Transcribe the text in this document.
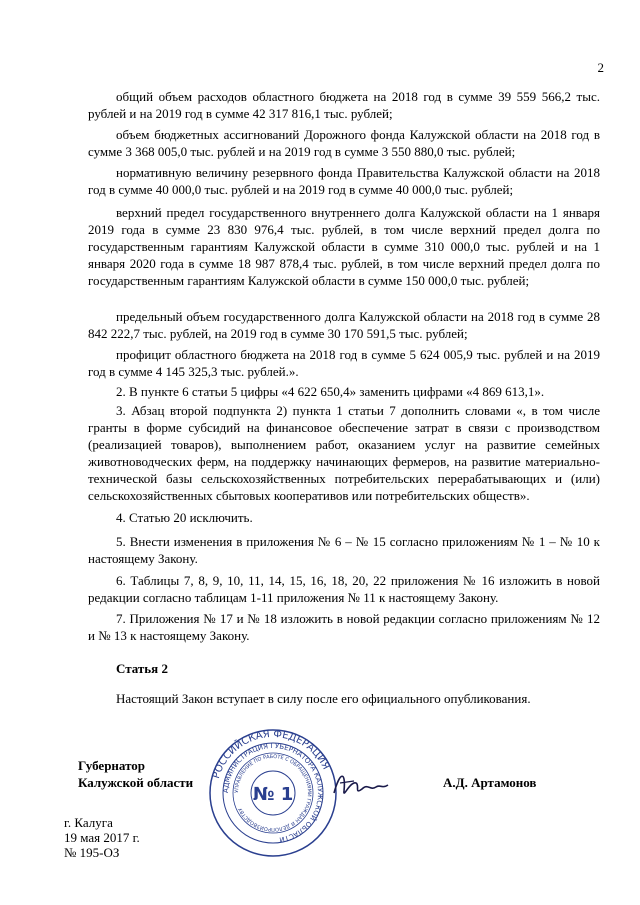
2

общий объем расходов областного бюджета на 2018 год в сумме 39 559 566,2 тыс. рублей и на 2019 год в сумме 42 317 816,1 тыс. рублей;

объем бюджетных ассигнований Дорожного фонда Калужской области на 2018 год в сумме 3 368 005,0 тыс. рублей и на 2019 год в сумме 3 550 880,0 тыс. рублей;

нормативную величину резервного фонда Правительства Калужской области на 2018 год в сумме 40 000,0 тыс. рублей и на 2019 год в сумме 40 000,0 тыс. рублей;

верхний предел государственного внутреннего долга Калужской области на 1 января 2019 года в сумме 23 830 976,4 тыс. рублей, в том числе верхний предел долга по государственным гарантиям Калужской области в сумме 310 000,0 тыс. рублей и на 1 января 2020 года в сумме 18 987 878,4 тыс. рублей, в том числе верхний предел долга по государственным гарантиям Калужской области в сумме 150 000,0 тыс. рублей;

предельный объем государственного долга Калужской области на 2018 год в сумме 28 842 222,7 тыс. рублей, на 2019 год в сумме 30 170 591,5 тыс. рублей;

профицит областного бюджета на 2018 год в сумме 5 624 005,9 тыс. рублей и на 2019 год в сумме 4 145 325,3 тыс. рублей.».

2. В пункте 6 статьи 5 цифры «4 622 650,4» заменить цифрами «4 869 613,1».

3. Абзац второй подпункта 2) пункта 1 статьи 7 дополнить словами «, в том числе гранты в форме субсидий на финансовое обеспечение затрат в связи с производством (реализацией товаров), выполнением работ, оказанием услуг на развитие семейных животноводческих ферм, на поддержку начинающих фермеров, на развитие материально-технической базы сельскохозяйственных потребительских перерабатывающих и (или) сельскохозяйственных сбытовых кооперативов или потребительских обществ».

4. Статью 20 исключить.

5. Внести изменения в приложения № 6 – № 15 согласно приложениям № 1 – № 10 к настоящему Закону.

6. Таблицы 7, 8, 9, 10, 11, 14, 15, 16, 18, 20, 22 приложения № 16 изложить в новой редакции согласно таблицам 1-11 приложения № 11 к настоящему Закону.

7. Приложения № 17 и № 18 изложить в новой редакции согласно приложениям № 12 и № 13 к настоящему Закону.

Статья 2

Настоящий Закон вступает в силу после его официального опубликования.

Губернатор
Калужской области	А.Д. Артамонов
РОССИЙСКАЯ ФЕДЕРАЦИЯ
АДМИНИСТРАЦИЯ ГУБЕРНАТОРА КАЛУЖСКОЙ ОБЛАСТИ
УПРАВЛЕНИЕ ПО РАБОТЕ С ОБРАЩЕНИЯМИ ГРАЖДАН И ДЕЛОПРОИЗВОДСТВУ
№ 1
г. Калуга
19 мая 2017 г.
№ 195-ОЗ
